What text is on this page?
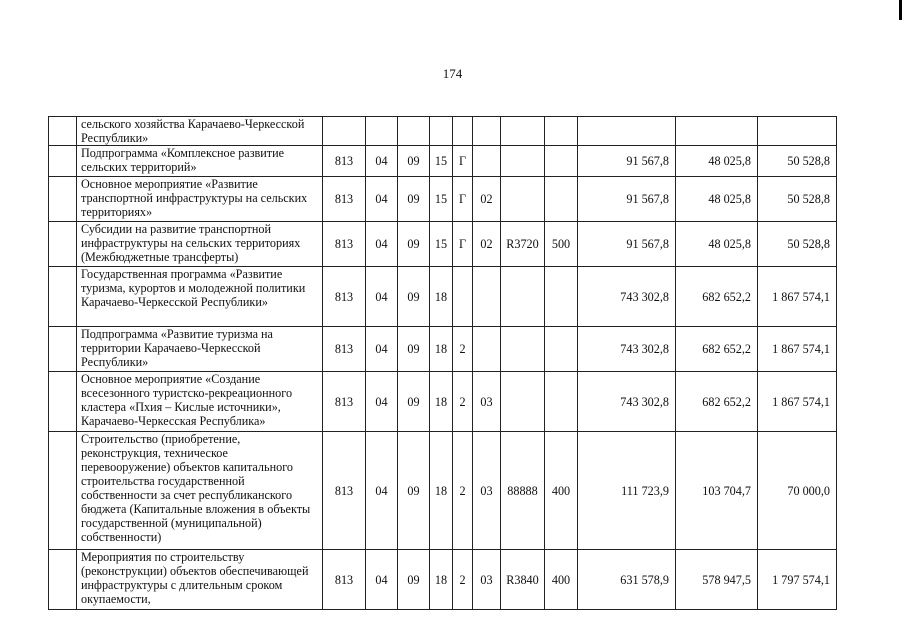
174
	сельского хозяйства Карачаево-Черкесской Республики»											
	Подпрограмма «Комплексное развитие сельских территорий»	813	04	09	15	Г				91 567,8	48 025,8	50 528,8
	Основное мероприятие «Развитие транспортной инфраструктуры на сельских территориях»	813	04	09	15	Г	02			91 567,8	48 025,8	50 528,8
	Субсидии на развитие транспортной инфраструктуры на сельских территориях (Межбюджетные трансферты)	813	04	09	15	Г	02	R3720	500	91 567,8	48 025,8	50 528,8
	Государственная программа «Развитие туризма, курортов и молодежной политики Карачаево-Черкесской Республики»	813	04	09	18					743 302,8	682 652,2	1 867 574,1
	Подпрограмма «Развитие туризма на территории Карачаево-Черкесской Республики»	813	04	09	18	2				743 302,8	682 652,2	1 867 574,1
	Основное мероприятие «Создание всесезонного туристско-рекреационного кластера «Пхия – Кислые источники», Карачаево-Черкесская Республика»	813	04	09	18	2	03			743 302,8	682 652,2	1 867 574,1
	Строительство (приобретение, реконструкция, техническое перевооружение) объектов капитального строительства государственной собственности за счет республиканского бюджета (Капитальные вложения в объекты государственной (муниципальной) собственности)	813	04	09	18	2	03	88888	400	111 723,9	103 704,7	70 000,0
	Мероприятия по строительству (реконструкции) объектов обеспечивающей инфраструктуры с длительным сроком окупаемости,	813	04	09	18	2	03	R3840	400	631 578,9	578 947,5	1 797 574,1
